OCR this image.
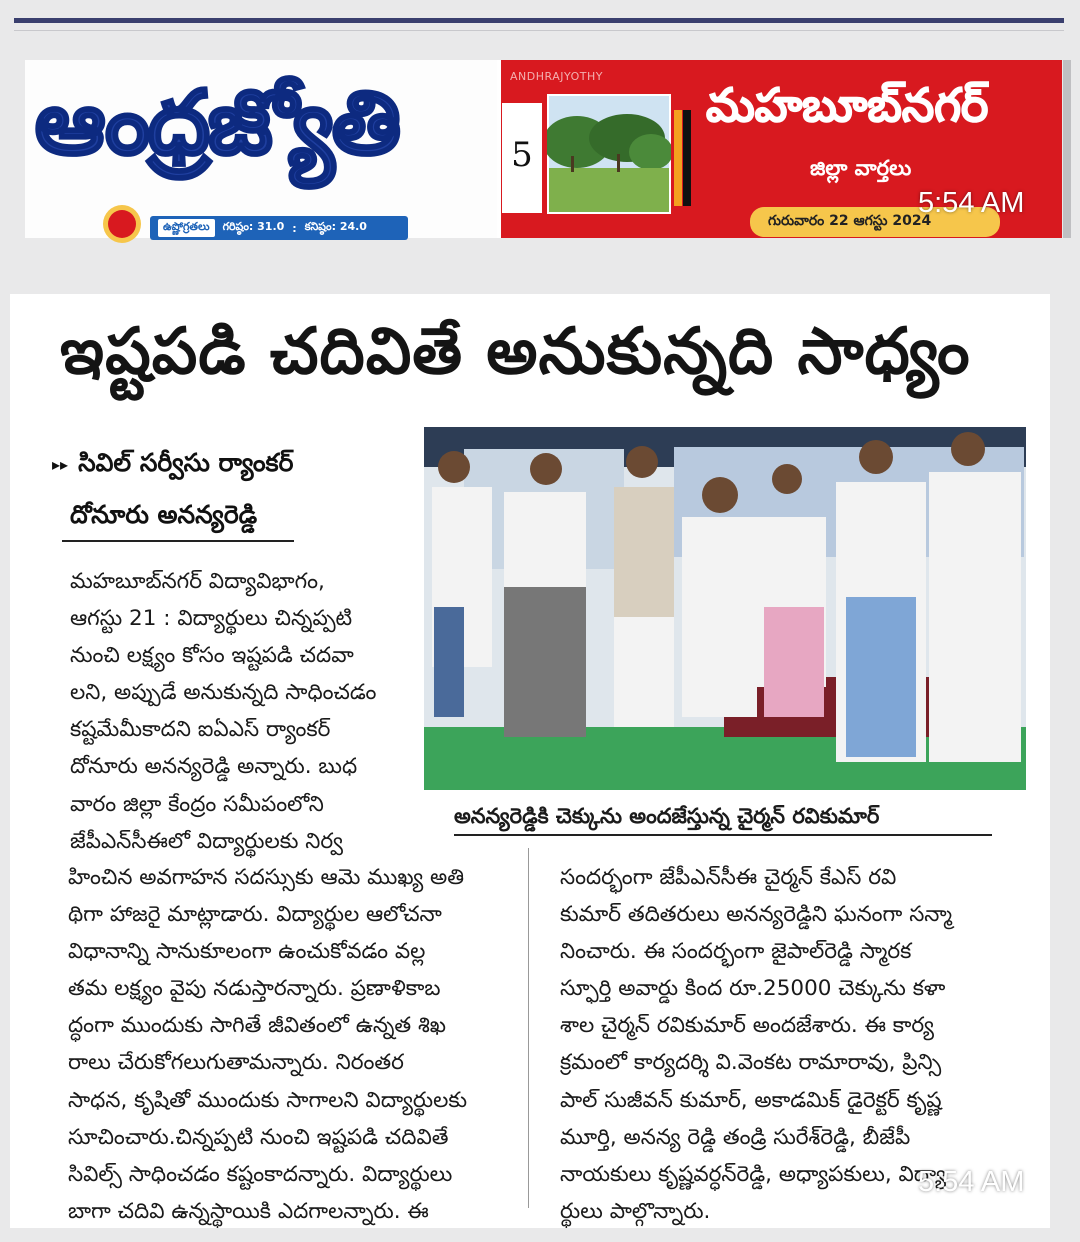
ఆంధ్రజ్యోతి
ఉష్ణోగ్రతలు	గరిష్ఠం: 31.0 : కనిష్ఠం: 24.0
ANDHRAJYOTHY
5
మహబూబ్‌నగర్
జిల్లా వార్తలు
గురువారం 22 ఆగస్టు 2024
5:54 AM
ఇష్టపడి చదివితే అనుకున్నది సాధ్యం
▸▸ సివిల్ సర్వీసు ర్యాంకర్
దోనూరు అనన్యరెడ్డి
మహబూబ్‌నగర్ విద్యావిభాగం,
ఆగస్టు 21 : విద్యార్థులు చిన్నప్పటి
నుంచి లక్ష్యం కోసం ఇష్టపడి చదవా
లని, అప్పుడే అనుకున్నది సాధించడం
కష్టమేమీకాదని ఐఏఎస్ ర్యాంకర్
దోనూరు అనన్యరెడ్డి అన్నారు. బుధ
వారం జిల్లా కేంద్రం సమీపంలోని
జేపీఎన్‌సీఈలో విద్యార్థులకు నిర్వ
అనన్యరెడ్డికి చెక్కును అందజేస్తున్న చైర్మన్ రవికుమార్
హించిన అవగాహన సదస్సుకు ఆమె ముఖ్య అతి
థిగా హాజరై మాట్లాడారు. విద్యార్థుల ఆలోచనా
విధానాన్ని సానుకూలంగా ఉంచుకోవడం వల్ల
తమ లక్ష్యం వైపు నడుస్తారన్నారు. ప్రణాళికాబ
ద్ధంగా ముందుకు సాగితే జీవితంలో ఉన్నత శిఖ
రాలు చేరుకోగలుగుతామన్నారు. నిరంతర
సాధన, కృషితో ముందుకు సాగాలని విద్యార్థులకు
సూచించారు.చిన్నప్పటి నుంచి ఇష్టపడి చదివితే
సివిల్స్ సాధించడం కష్టంకాదన్నారు. విద్యార్థులు
బాగా చదివి ఉన్నస్థాయికి ఎదగాలన్నారు. ఈ
సందర్భంగా జేపీఎన్‌సీఈ చైర్మన్ కేఎస్ రవి
కుమార్ తదితరులు అనన్యరెడ్డిని ఘనంగా సన్మా
నించారు. ఈ సందర్భంగా జైపాల్‌రెడ్డి స్మారక
స్ఫూర్తి అవార్డు కింద రూ.25000 చెక్కును కళా
శాల చైర్మన్ రవికుమార్ అందజేశారు. ఈ కార్య
క్రమంలో కార్యదర్శి వి.వెంకట రామారావు, ప్రిన్సి
పాల్ సుజీవన్ కుమార్, అకాడమిక్ డైరెక్టర్ కృష్ణ
మూర్తి, అనన్య రెడ్డి తండ్రి సురేశ్‌రెడ్డి, బీజేపీ
నాయకులు కృష్ణవర్ధన్‌రెడ్డి, అధ్యాపకులు, విద్యా
ర్థులు పాల్గొన్నారు.
5:54 AM
